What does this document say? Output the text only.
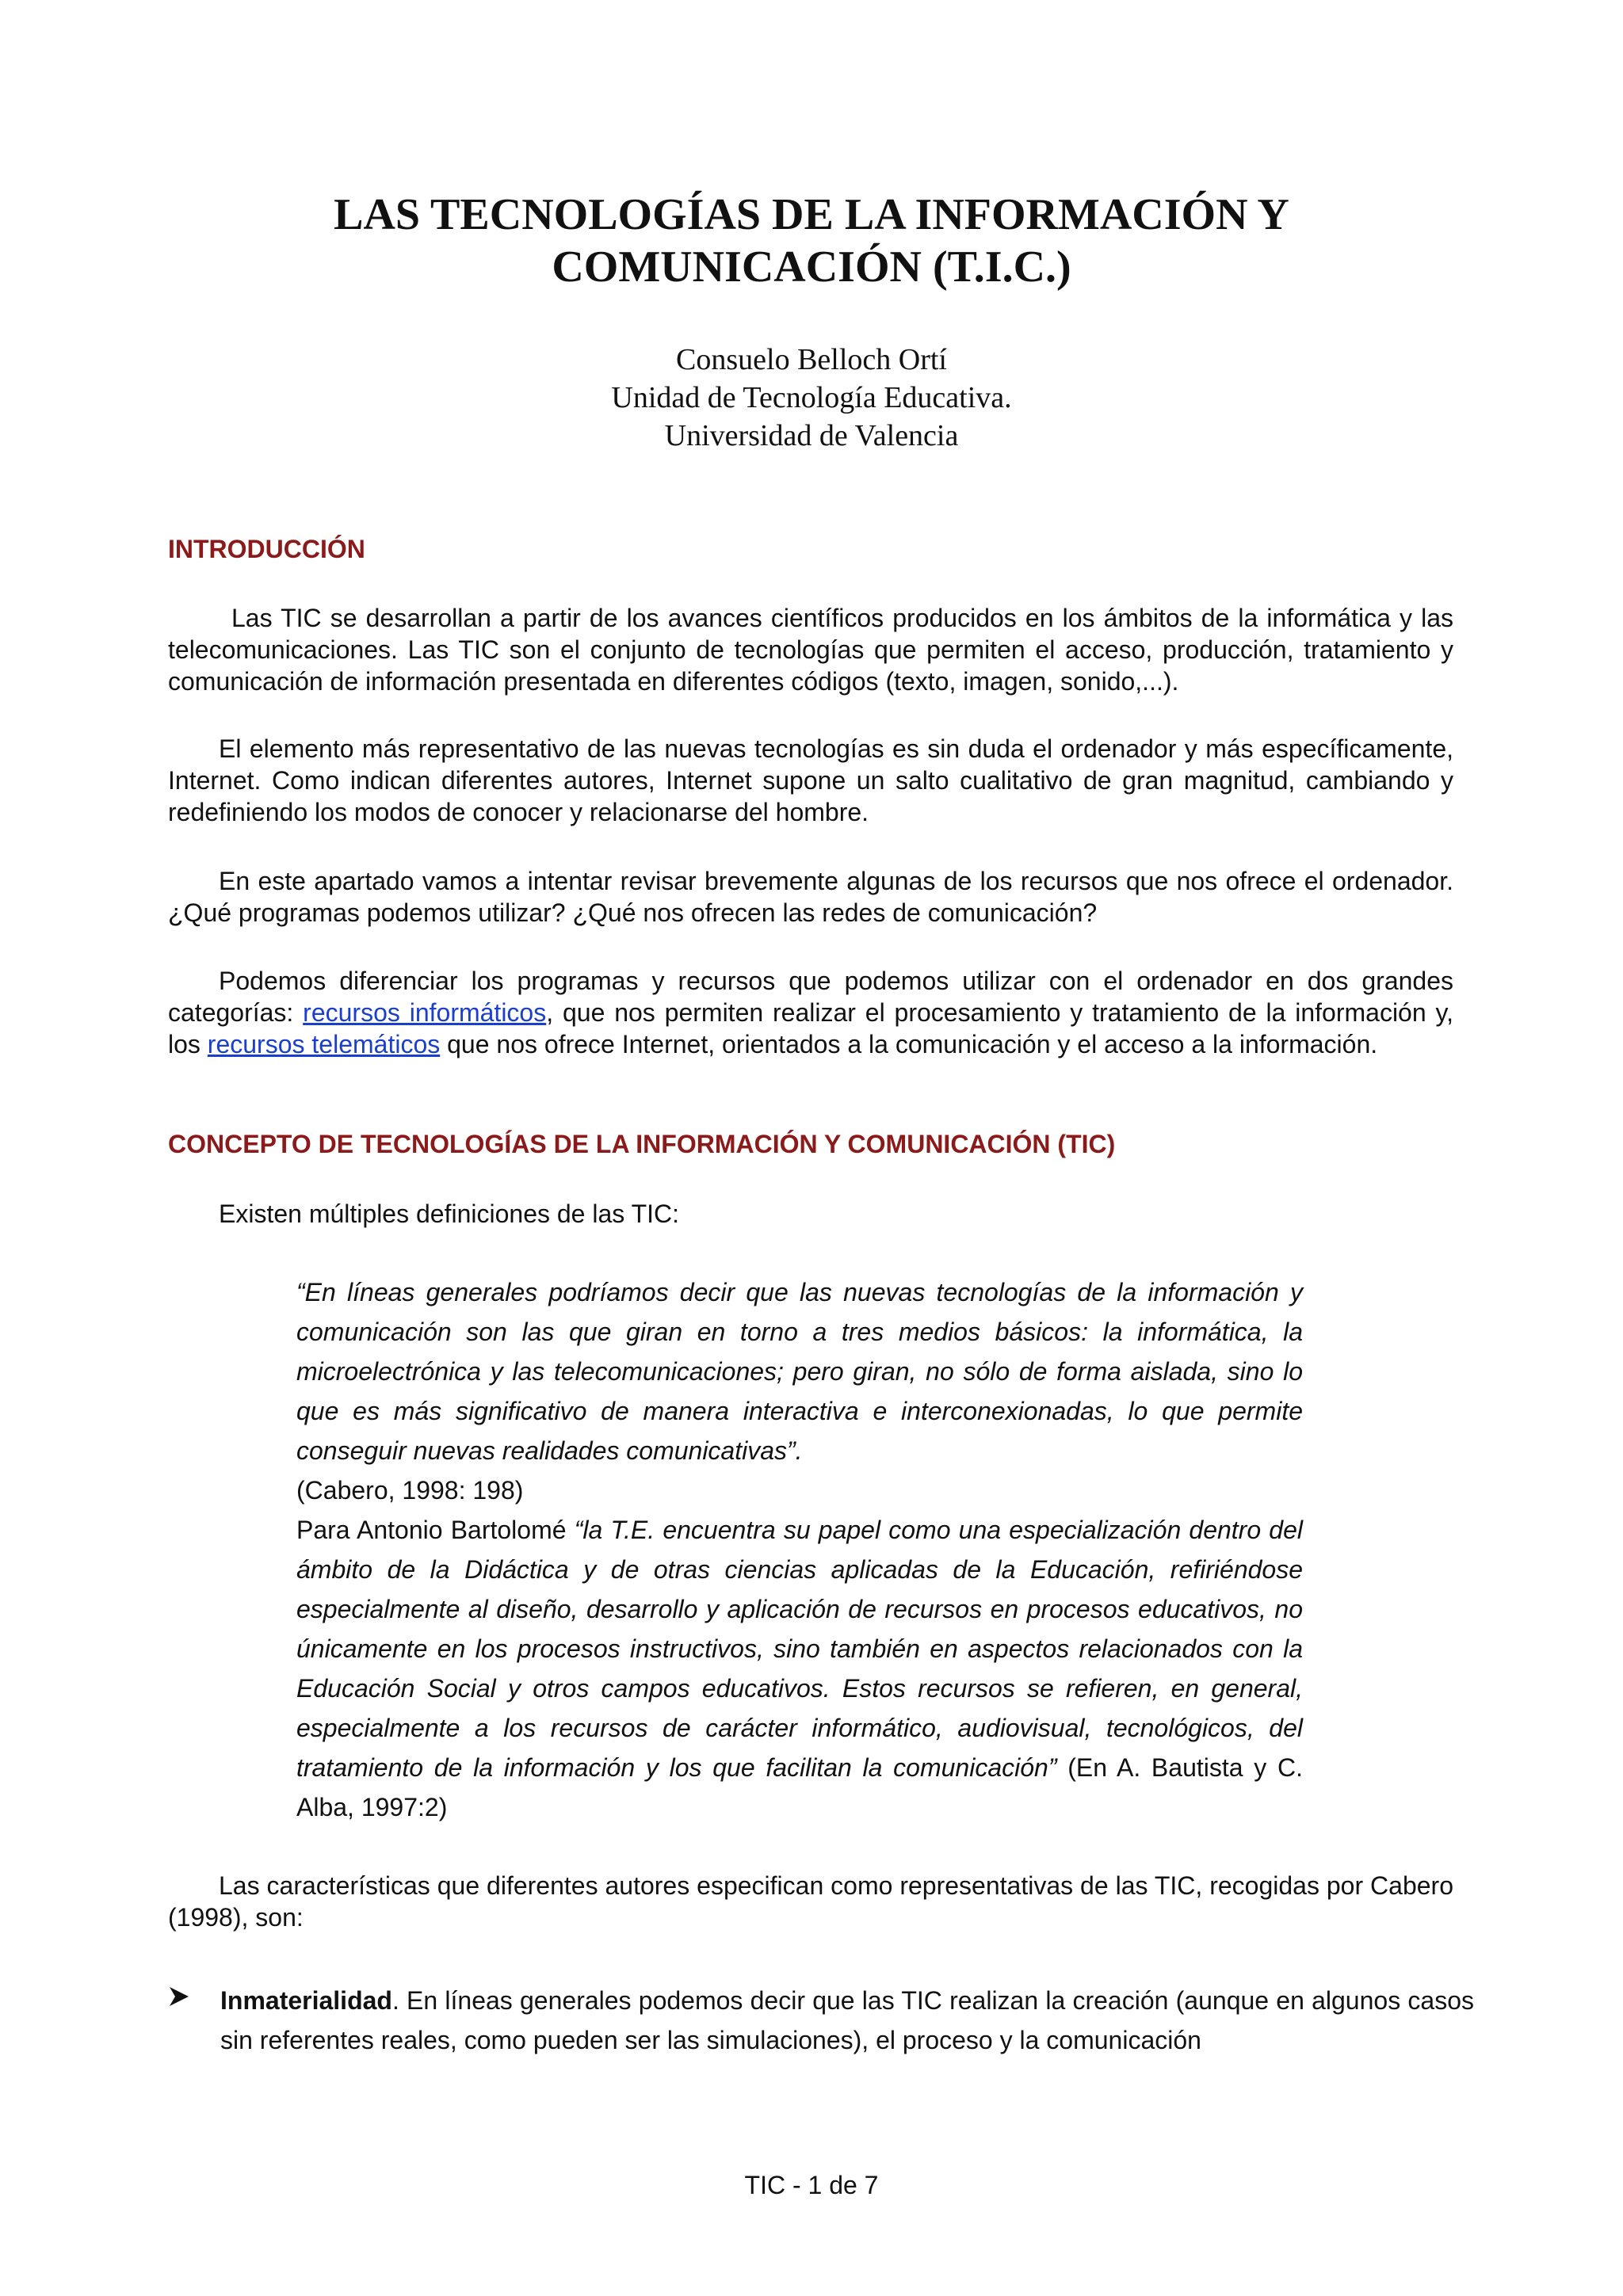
LAS TECNOLOGÍAS DE LA INFORMACIÓN Y
COMUNICACIÓN (T.I.C.)
Consuelo Belloch Ortí
Unidad de Tecnología Educativa.
Universidad de Valencia
INTRODUCCIÓN
Las TIC se desarrollan a partir de los avances científicos producidos en los ámbitos de la informática y las telecomunicaciones. Las TIC son el conjunto de tecnologías que permiten el acceso, producción, tratamiento y comunicación de información presentada en diferentes códigos (texto, imagen, sonido,...).
El elemento más representativo de las nuevas tecnologías es sin duda el ordenador y más específicamente, Internet. Como indican diferentes autores, Internet supone un salto cualitativo de gran magnitud, cambiando y redefiniendo los modos de conocer y relacionarse del hombre.
En este apartado vamos a intentar revisar brevemente algunas de los recursos que nos ofrece el ordenador. ¿Qué programas podemos utilizar? ¿Qué nos ofrecen las redes de comunicación?
Podemos diferenciar los programas y recursos que podemos utilizar con el ordenador en dos grandes categorías: recursos informáticos, que nos permiten realizar el procesamiento y tratamiento de la información y, los recursos telemáticos que nos ofrece Internet, orientados a la comunicación y el acceso a la información.
CONCEPTO DE TECNOLOGÍAS DE LA INFORMACIÓN Y COMUNICACIÓN (TIC)
Existen múltiples definiciones de las TIC:
“En líneas generales podríamos decir que las nuevas tecnologías de la información y comunicación son las que giran en torno a tres medios básicos: la informática, la microelectrónica y las telecomunicaciones; pero giran, no sólo de forma aislada, sino lo que es más significativo de manera interactiva e interconexionadas, lo que permite conseguir nuevas realidades comunicativas”.
(Cabero, 1998: 198)
Para Antonio Bartolomé “la T.E. encuentra su papel como una especialización dentro del ámbito de la Didáctica y de otras ciencias aplicadas de la Educación, refiriéndose especialmente al diseño, desarrollo y aplicación de recursos en procesos educativos, no únicamente en los procesos instructivos, sino también en aspectos relacionados con la Educación Social y otros campos educativos. Estos recursos se refieren, en general, especialmente a los recursos de carácter informático, audiovisual, tecnológicos, del tratamiento de la información y los que facilitan la comunicación” (En A. Bautista y C. Alba, 1997:2)
Las características que diferentes autores especifican como representativas de las TIC, recogidas por Cabero (1998), son:
Inmaterialidad. En líneas generales podemos decir que las TIC realizan la creación (aunque en algunos casos sin referentes reales, como pueden ser las simulaciones), el proceso y la comunicación
TIC - 1 de 7
